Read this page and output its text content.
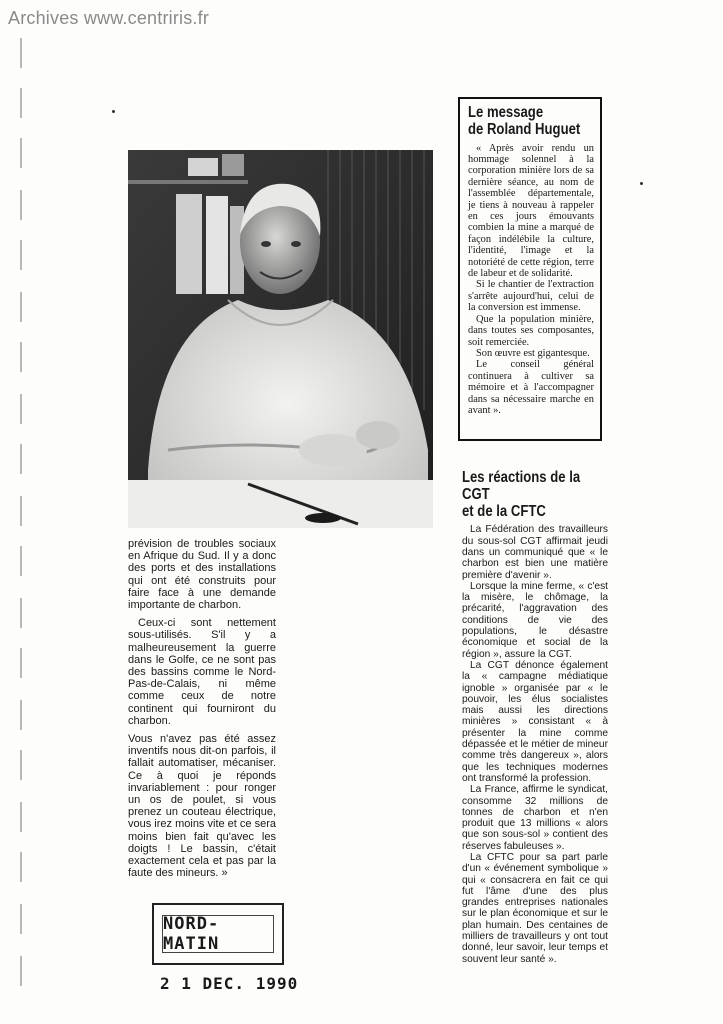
Archives www.centriris.fr
Le message
de Roland Huguet

« Après avoir rendu un hommage solennel à la corporation minière lors de sa dernière séance, au nom de l'assemblée départementale, je tiens à nouveau à rappeler en ces jours émouvants combien la mine a marqué de façon indélébile la culture, l'identité, l'image et la notoriété de cette région, terre de labeur et de solidarité.

Si le chantier de l'extraction s'arrête aujourd'hui, celui de la conversion est immense.

Que la population minière, dans toutes ses composantes, soit remerciée.

Son œuvre est gigantesque.

Le conseil général continuera à cultiver sa mémoire et à l'accompagner dans sa nécessaire marche en avant ».

prévision de troubles sociaux en Afrique du Sud. Il y a donc des ports et des installations qui ont été construits pour faire face à une demande importante de charbon.

Ceux-ci sont nettement sous-utilisés. S'il y a malheureusement la guerre dans le Golfe, ce ne sont pas des bassins comme le Nord-Pas-de-Calais, ni même comme ceux de notre continent qui fourniront du charbon.

Vous n'avez pas été assez inventifs nous dit-on parfois, il fallait automatiser, mécaniser. Ce à quoi je réponds invariablement : pour ronger un os de poulet, si vous prenez un couteau électrique, vous irez moins vite et ce sera moins bien fait qu'avec les doigts ! Le bassin, c'était exactement cela et pas par la faute des mineurs. »

Les réactions de la CGT
et de la CFTC

La Fédération des travailleurs du sous-sol CGT affirmait jeudi dans un communiqué que « le charbon est bien une matière première d'avenir ».

Lorsque la mine ferme, « c'est la misère, le chômage, la précarité, l'aggravation des conditions de vie des populations, le désastre économique et social de la région », assure la CGT.

La CGT dénonce également la « campagne médiatique ignoble » organisée par « le pouvoir, les élus socialistes mais aussi les directions minières » consistant « à présenter la mine comme dépassée et le métier de mineur comme très dangereux », alors que les techniques modernes ont transformé la profession.

La France, affirme le syndicat, consomme 32 millions de tonnes de charbon et n'en produit que 13 millions « alors que son sous-sol » contient des réserves fabuleuses ».

La CFTC pour sa part parle d'un « événement symbolique » qui « consacrera en fait ce qui fut l'âme d'une des plus grandes entreprises nationales sur le plan économique et sur le plan humain. Des centaines de milliers de travailleurs y ont tout donné, leur savoir, leur temps et souvent leur santé ».

NORD-MATIN
2 1 DEC. 1990
